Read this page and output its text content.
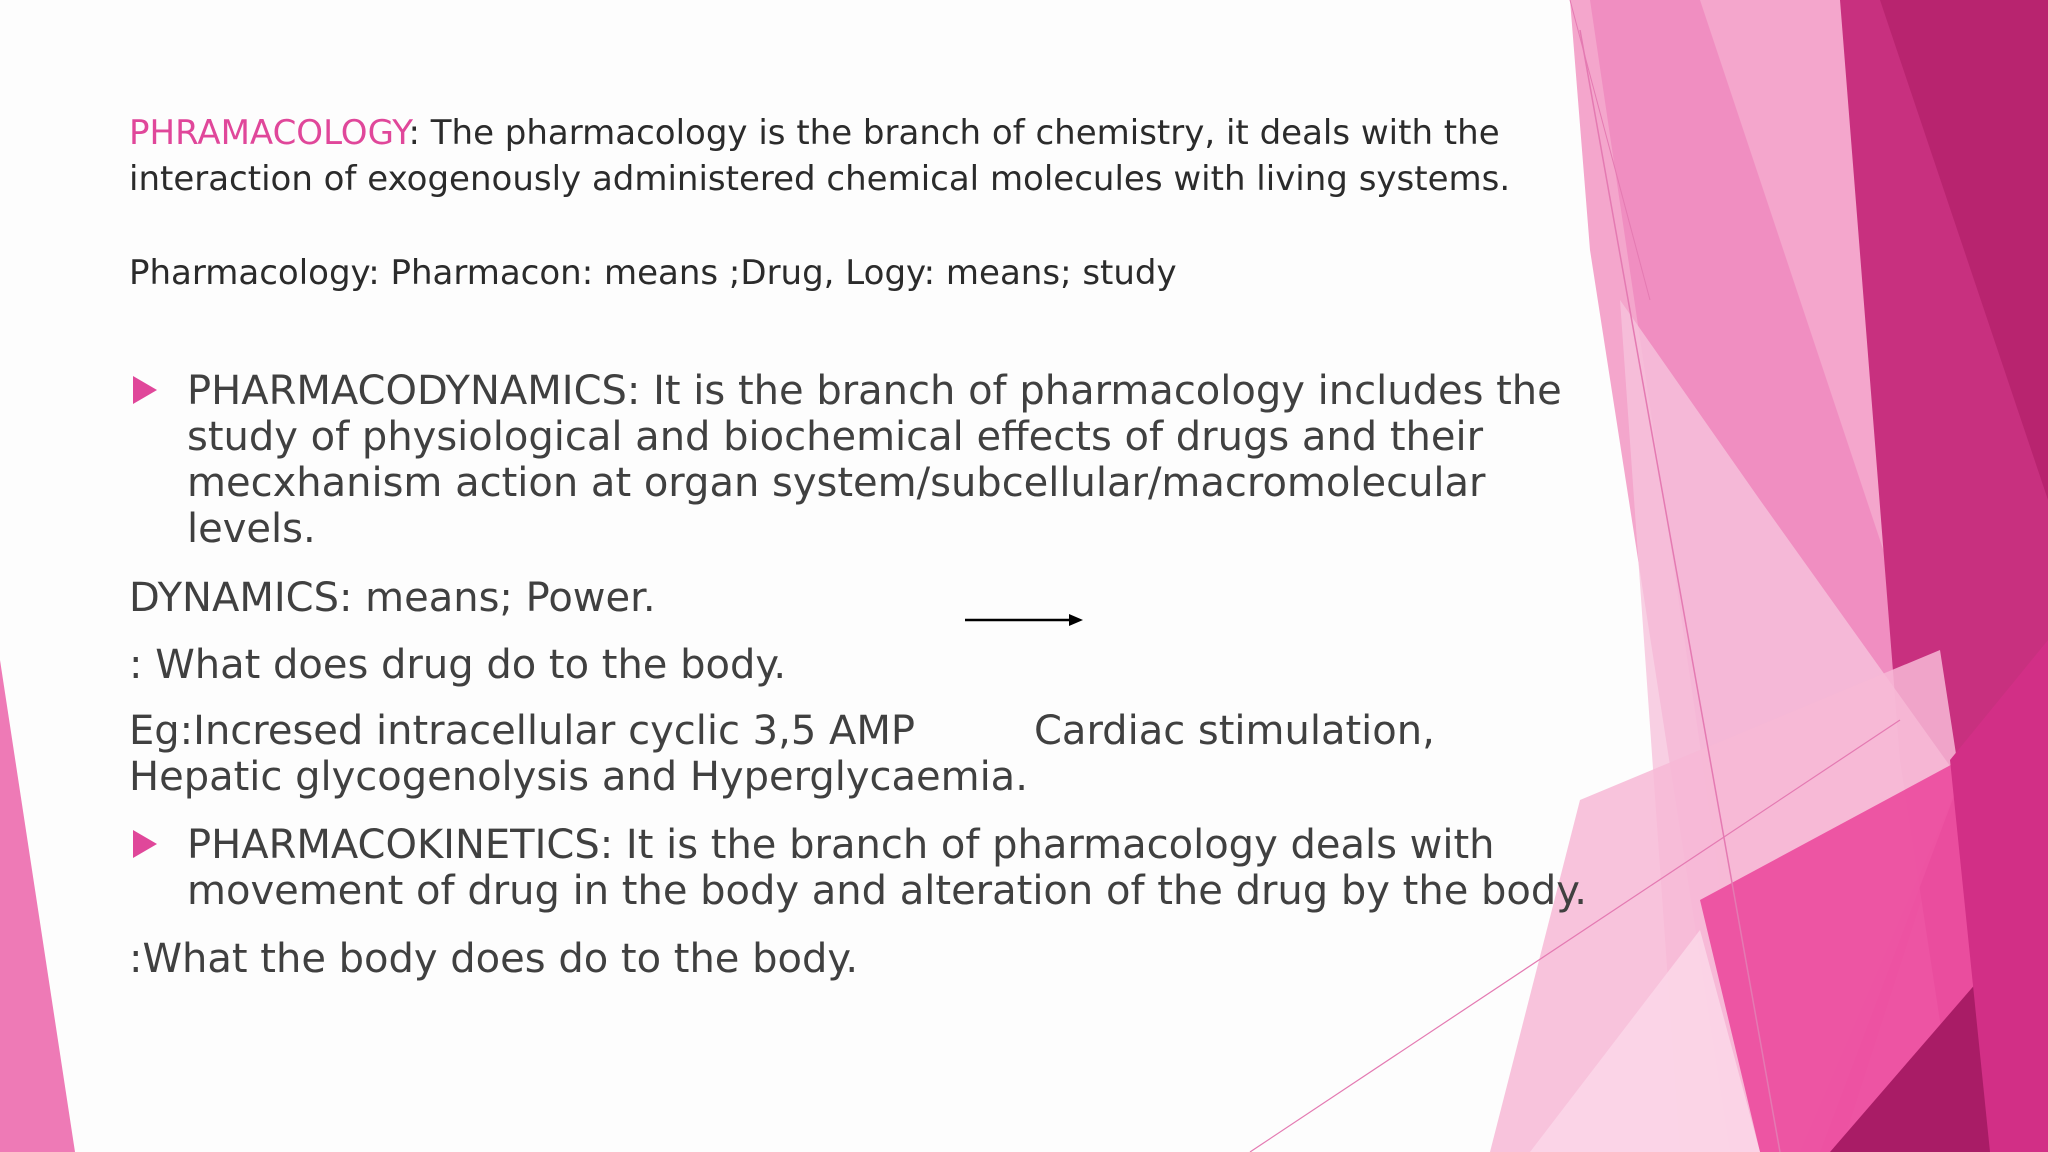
PHRAMACOLOGY: The pharmacology is the branch of chemistry, it deals with the interaction of exogenously administered chemical molecules with living systems.

Pharmacology: Pharmacon: means ;Drug, Logy: means; study

PHARMACODYNAMICS: It is the branch of pharmacology includes the study of physiological and biochemical effects of drugs and their mecxhanism action at organ system/subcellular/macromolecular levels.

DYNAMICS: means; Power.

: What does drug do to the body.

Eg:Incresed intracellular cyclic 3,5 AMP	Cardiac stimulation,

Hepatic glycogenolysis and Hyperglycaemia.

PHARMACOKINETICS: It is the branch of pharmacology deals with movement of drug in the body and alteration of the drug by the body.

:What the body does do to the body.
